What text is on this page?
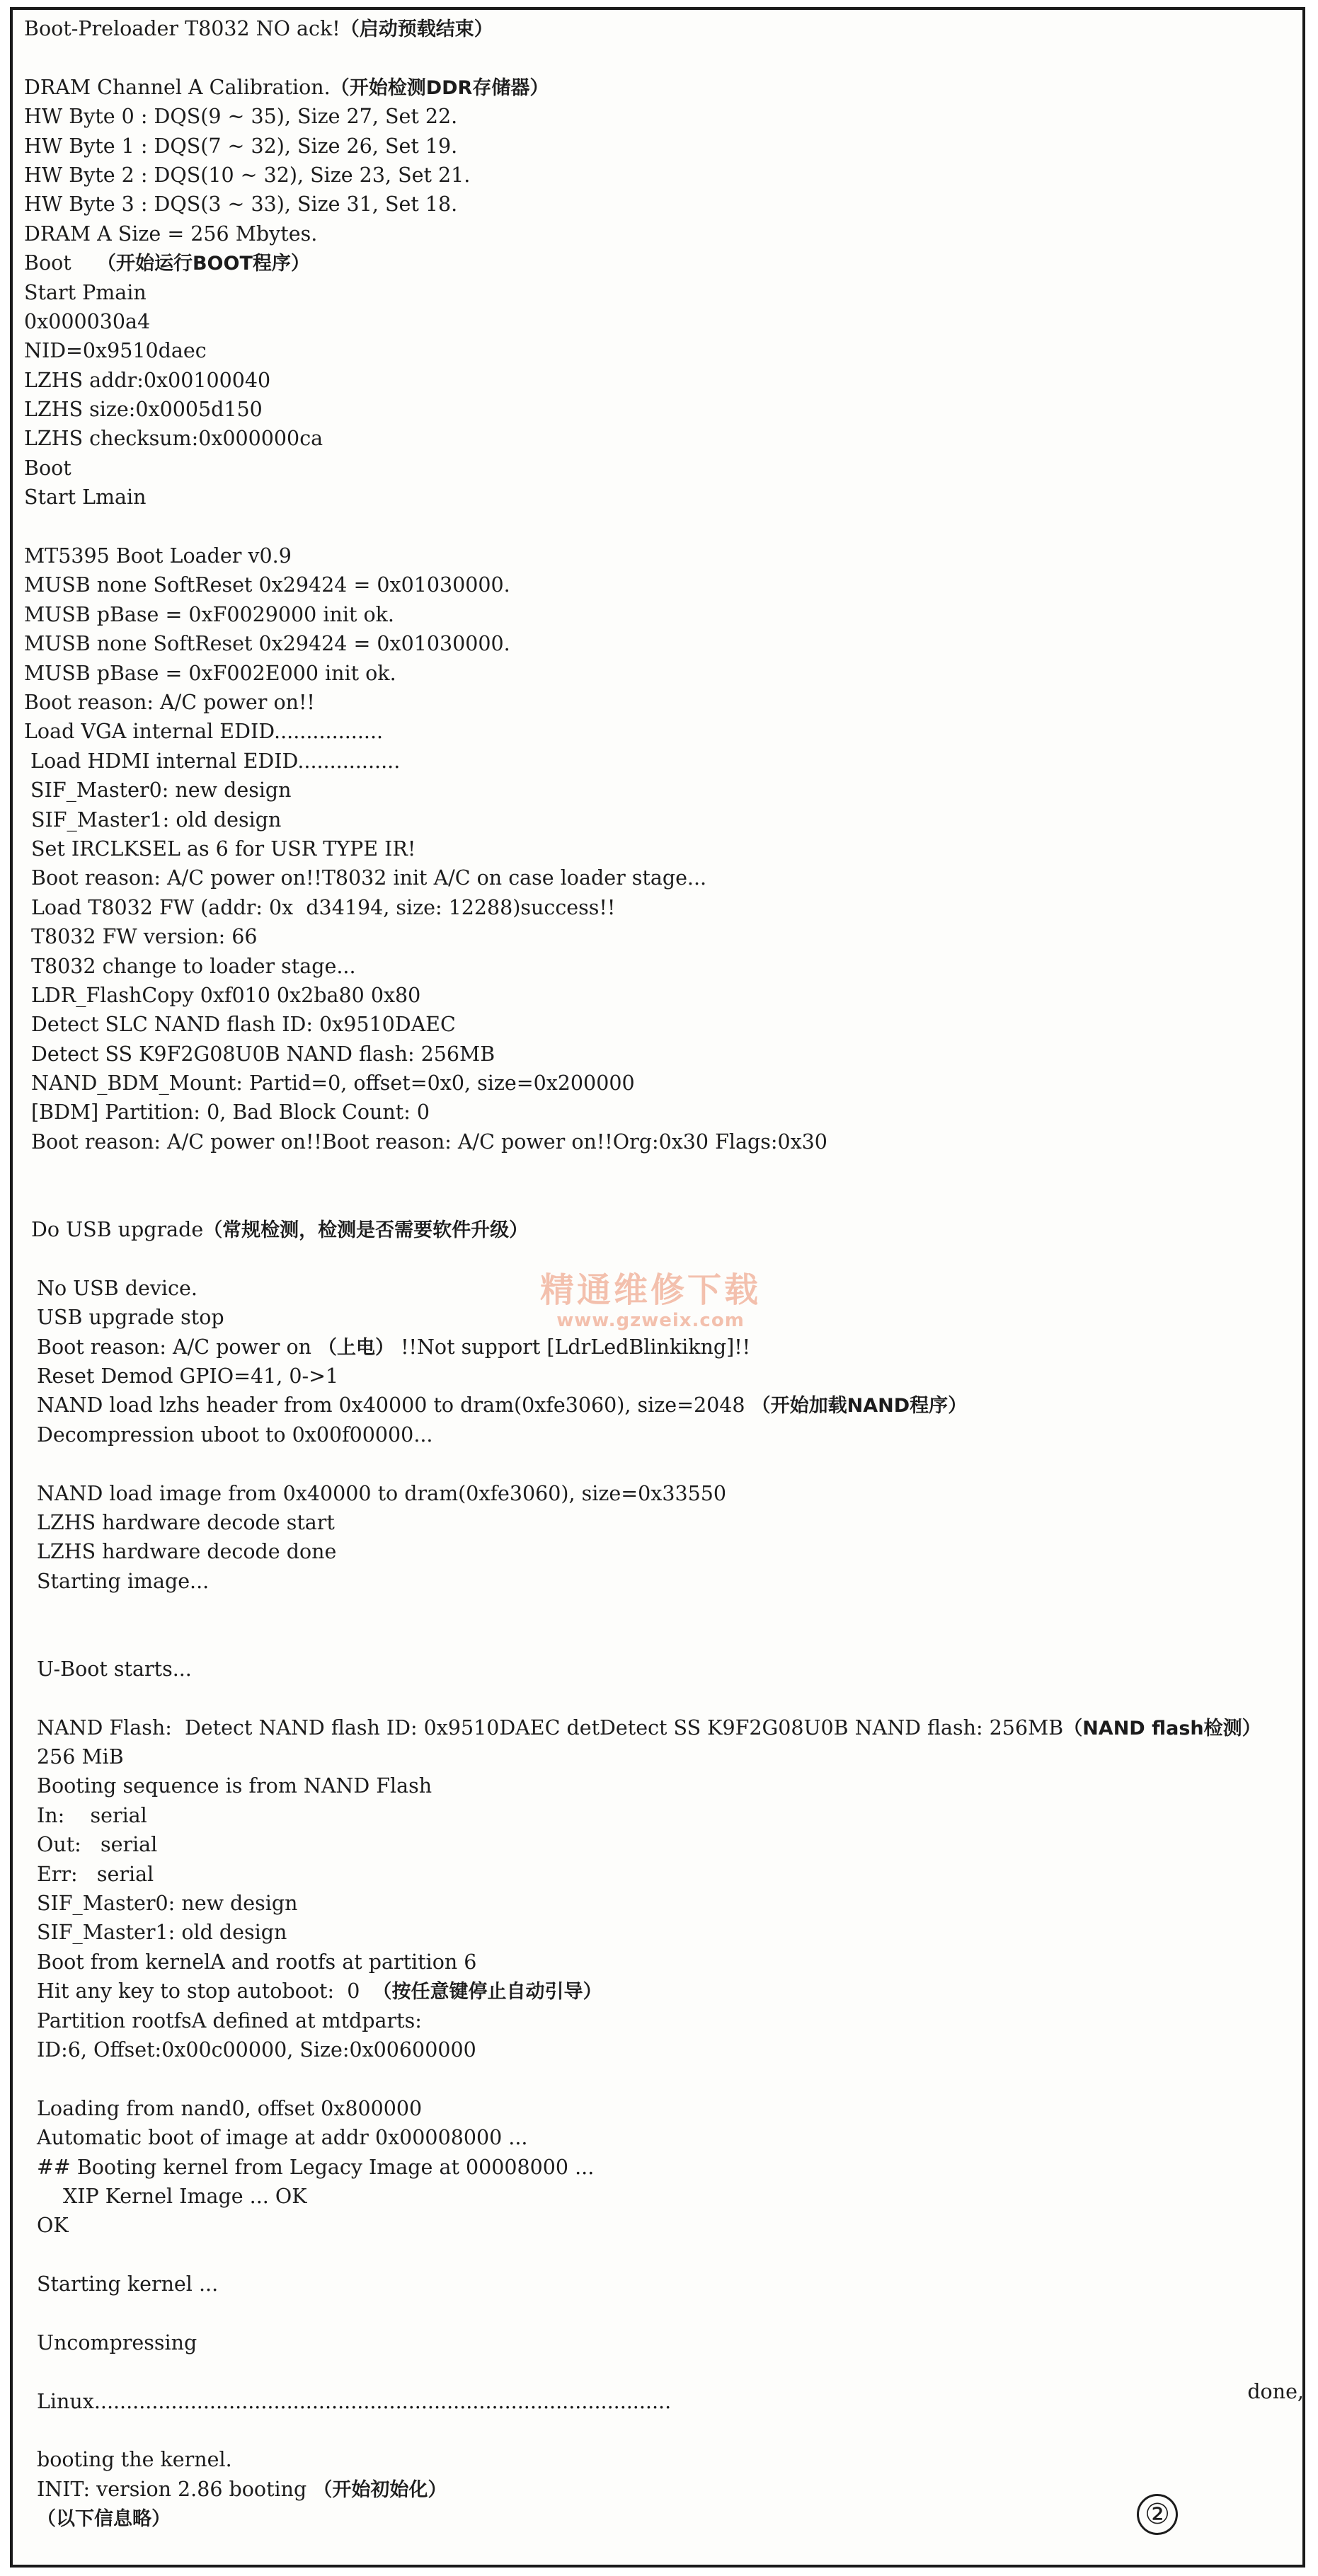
Boot-Preloader T8032 NO ack!（启动预载结束）
DRAM Channel A Calibration.（开始检测DDR存储器）
HW Byte 0 : DQS(9 ~ 35), Size 27, Set 22.
HW Byte 1 : DQS(7 ~ 32), Size 26, Set 19.
HW Byte 2 : DQS(10 ~ 32), Size 23, Set 21.
HW Byte 3 : DQS(3 ~ 33), Size 31, Set 18.
DRAM A Size = 256 Mbytes.
Boot    （开始运行BOOT程序）
Start Pmain
0x000030a4
NID=0x9510daec
LZHS addr:0x00100040
LZHS size:0x0005d150
LZHS checksum:0x000000ca
Boot
Start Lmain
MT5395 Boot Loader v0.9
MUSB none SoftReset 0x29424 = 0x01030000.
MUSB pBase = 0xF0029000 init ok.
MUSB none SoftReset 0x29424 = 0x01030000.
MUSB pBase = 0xF002E000 init ok.
Boot reason: A/C power on!!
Load VGA internal EDID.................
Load HDMI internal EDID................
SIF_Master0: new design
SIF_Master1: old design
Set IRCLKSEL as 6 for USR TYPE IR!
Boot reason: A/C power on!!T8032 init A/C on case loader stage...
Load T8032 FW (addr: 0x  d34194, size: 12288)success!!
T8032 FW version: 66
T8032 change to loader stage...
LDR_FlashCopy 0xf010 0x2ba80 0x80
Detect SLC NAND flash ID: 0x9510DAEC
Detect SS K9F2G08U0B NAND flash: 256MB
NAND_BDM_Mount: Partid=0, offset=0x0, size=0x200000
[BDM] Partition: 0, Bad Block Count: 0
Boot reason: A/C power on!!Boot reason: A/C power on!!Org:0x30 Flags:0x30
Do USB upgrade（常规检测，检测是否需要软件升级）
No USB device.
USB upgrade stop
Boot reason: A/C power on （上电） !!Not support [LdrLedBlinkikng]!!
Reset Demod GPIO=41, 0->1
NAND load lzhs header from 0x40000 to dram(0xfe3060), size=2048 （开始加载NAND程序）
Decompression uboot to 0x00f00000...
NAND load image from 0x40000 to dram(0xfe3060), size=0x33550
LZHS hardware decode start
LZHS hardware decode done
Starting image...
U-Boot starts...
NAND Flash:  Detect NAND flash ID: 0x9510DAEC detDetect SS K9F2G08U0B NAND flash: 256MB（NAND flash检测）
256 MiB
Booting sequence is from NAND Flash
In:    serial
Out:   serial
Err:   serial
SIF_Master0: new design
SIF_Master1: old design
Boot from kernelA and rootfs at partition 6
Hit any key to stop autoboot:  0  （按任意键停止自动引导）
Partition rootfsA defined at mtdparts:
ID:6, Offset:0x00c00000, Size:0x00600000
Loading from nand0, offset 0x800000
Automatic boot of image at addr 0x00008000 ...
## Booting kernel from Legacy Image at 00008000 ...
XIP Kernel Image ... OK
OK
Starting kernel ...
Uncompressing
Linux..........................................................................................	done,
booting the kernel.
INIT: version 2.86 booting （开始初始化）
（以下信息略）
精通维修下载
www.gzweix.com
②
